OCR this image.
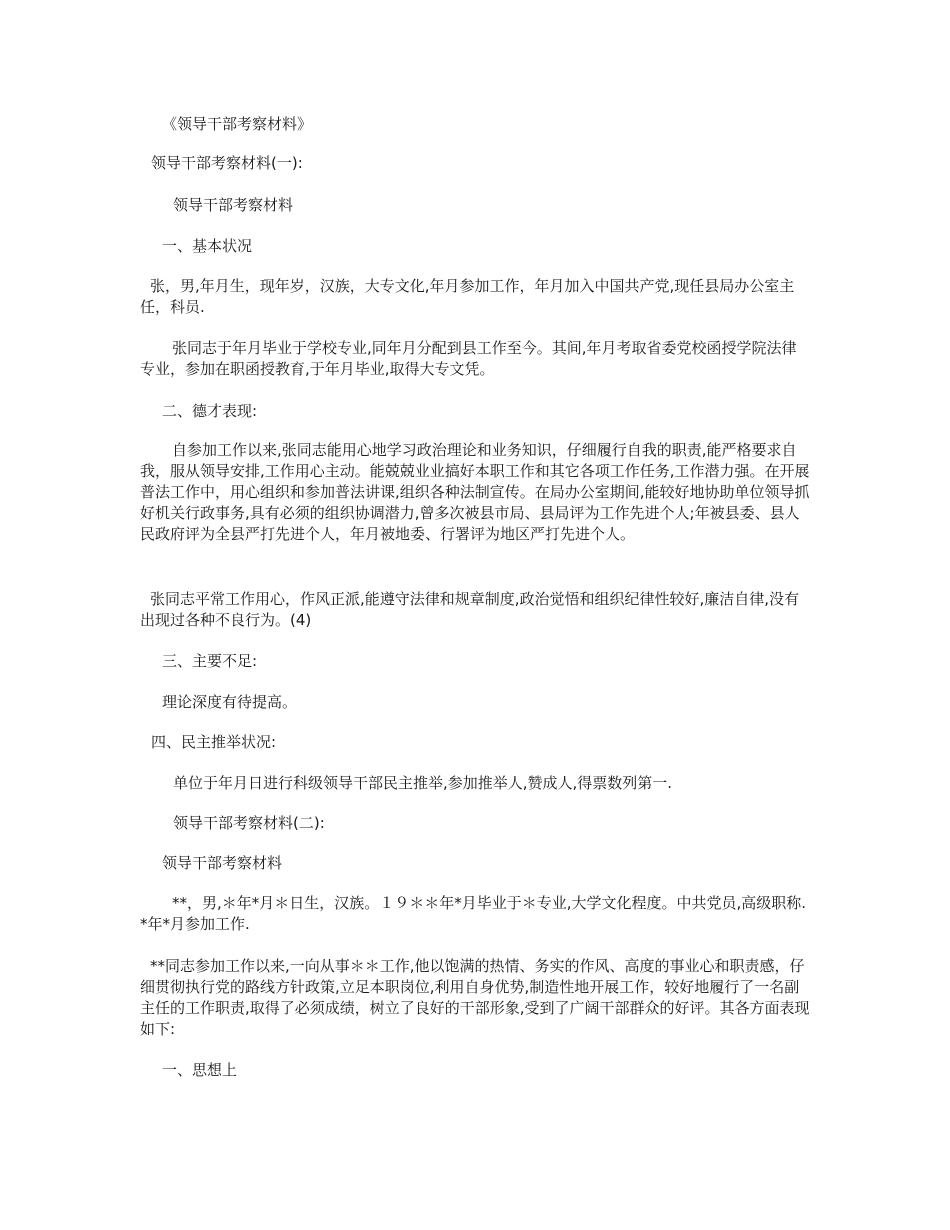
《领导干部考察材料》

领导干部考察材料(一):

领导干部考察材料

一、基本状况

张，男,年月生，现年岁，汉族，大专文化,年月参加工作，年月加入中国共产党,现任县局办公室主任，科员.

张同志于年月毕业于学校专业,同年月分配到县工作至今。其间,年月考取省委党校函授学院法律专业，参加在职函授教育,于年月毕业,取得大专文凭。

二、德才表现:

自参加工作以来,张同志能用心地学习政治理论和业务知识，仔细履行自我的职责,能严格要求自我，服从领导安排,工作用心主动。能兢兢业业搞好本职工作和其它各项工作任务,工作潜力强。在开展普法工作中，用心组织和参加普法讲课,组织各种法制宣传。在局办公室期间,能较好地协助单位领导抓好机关行政事务,具有必须的组织协调潜力,曾多次被县市局、县局评为工作先进个人;年被县委、县人民政府评为全县严打先进个人，年月被地委、行署评为地区严打先进个人。

张同志平常工作用心，作风正派,能遵守法律和规章制度,政治觉悟和组织纪律性较好,廉洁自律,没有出现过各种不良行为。(4)

三、主要不足:

理论深度有待提高。

四、民主推举状况:

单位于年月日进行科级领导干部民主推举,参加推举人,赞成人,得票数列第一.

领导干部考察材料(二):

领导干部考察材料

**，男,＊年*月＊日生，汉族。１９＊＊年*月毕业于＊专业,大学文化程度。中共党员,高级职称.*年*月参加工作.

**同志参加工作以来,一向从事＊＊工作,他以饱满的热情、务实的作风、高度的事业心和职责感，仔细贯彻执行党的路线方针政策,立足本职岗位,利用自身优势,制造性地开展工作，较好地履行了一名副主任的工作职责,取得了必须成绩，树立了良好的干部形象,受到了广阔干部群众的好评。其各方面表现如下:

一、思想上
